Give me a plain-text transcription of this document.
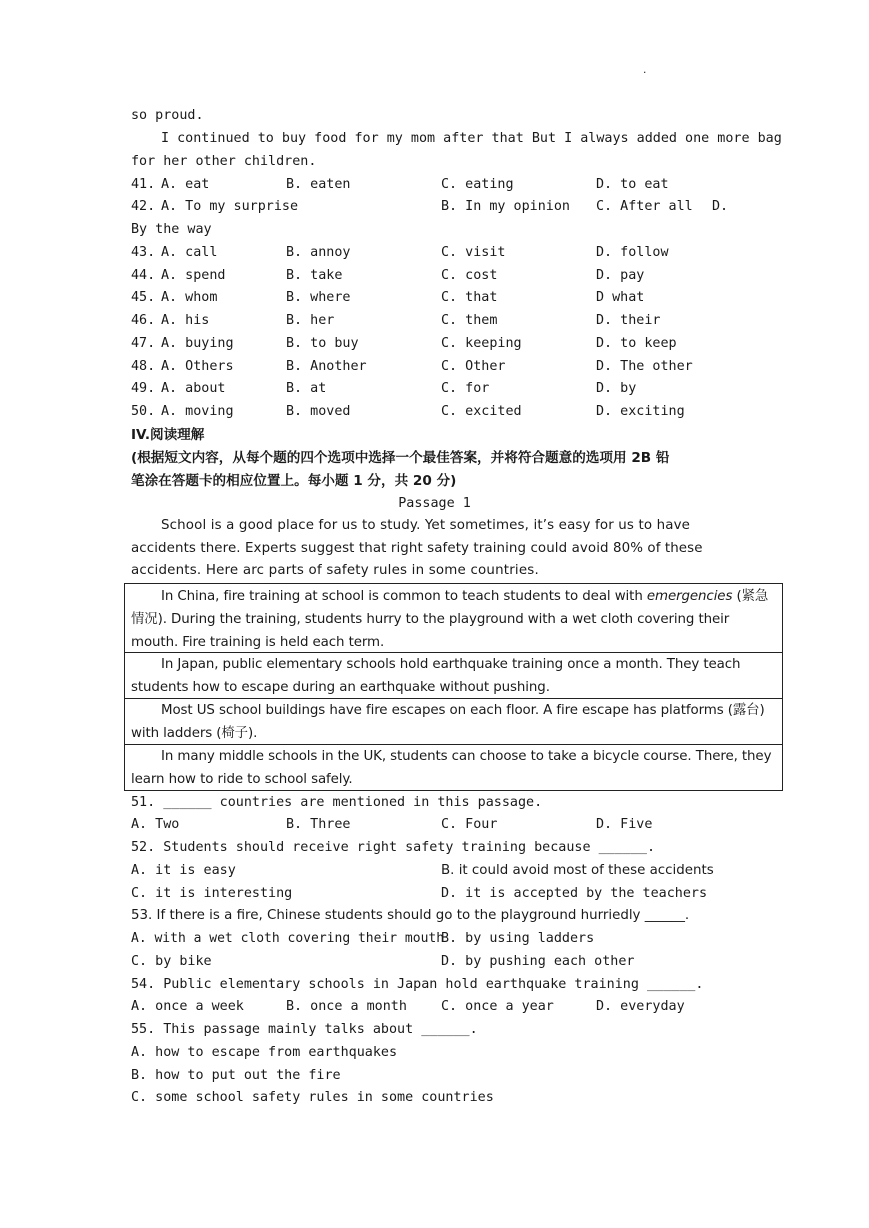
.
so proud.
I continued to buy food for my mom after that But I always added one more bag
for her other children.
41. A. eat	B. eaten	C. eating	D. to eat
42. A. To my surprise	B. In my opinion C. After all D.
By the way
43. A. call	B. annoy	C. visit	D. follow
44. A. spend	B. take	C. cost	D. pay
45. A. whom	B. where	C. that	D what
46. A. his	B. her	C. them	D. their
47. A. buying	B. to buy	C. keeping	D. to keep
48. A. Others	B. Another	C. Other	D. The other
49. A. about	B. at	C. for	D. by
50. A. moving	B. moved	C. excited	D. exciting
IV.阅读理解
(根据短文内容，从每个题的四个选项中选择一个最佳答案，并将符合题意的选项用 2B 铅
笔涂在答题卡的相应位置上。每小题 1 分，共 20 分)
Passage 1
School is a good place for us to study. Yet sometimes, it’s easy for us to have
accidents there. Experts suggest that right safety training could avoid 80% of these
accidents. Here arc parts of safety rules in some countries.

In China, fire training at school is common to teach students to deal with emergencies (紧急情况). During the training, students hurry to the playground with a wet cloth covering their mouth. Fire training is held each term.

In Japan, public elementary schools hold earthquake training once a month. They teach students how to escape during an earthquake without pushing.

Most US school buildings have fire escapes on each floor. A fire escape has platforms (露台) with ladders (椅子).

In many middle schools in the UK, students can choose to take a bicycle course. There, they learn how to ride to school safely.

51. ______ countries are mentioned in this passage.
A. Two	B. Three	C. Four	D. Five
52. Students should receive right safety training because ______.
A. it is easy	B. it could avoid most of these accidents
C. it is interesting	D. it is accepted by the teachers
53. If there is a fire, Chinese students should go to the playground hurriedly ______.
A. with a wet cloth covering their mouth
B. by using ladders
C. by bike	D. by pushing each other
54. Public elementary schools in Japan hold earthquake training ______.
A. once a week	B. once a month	C. once a year	D. everyday
55. This passage mainly talks about ______.
A. how to escape from earthquakes
B. how to put out the fire
C. some school safety rules in some countries
